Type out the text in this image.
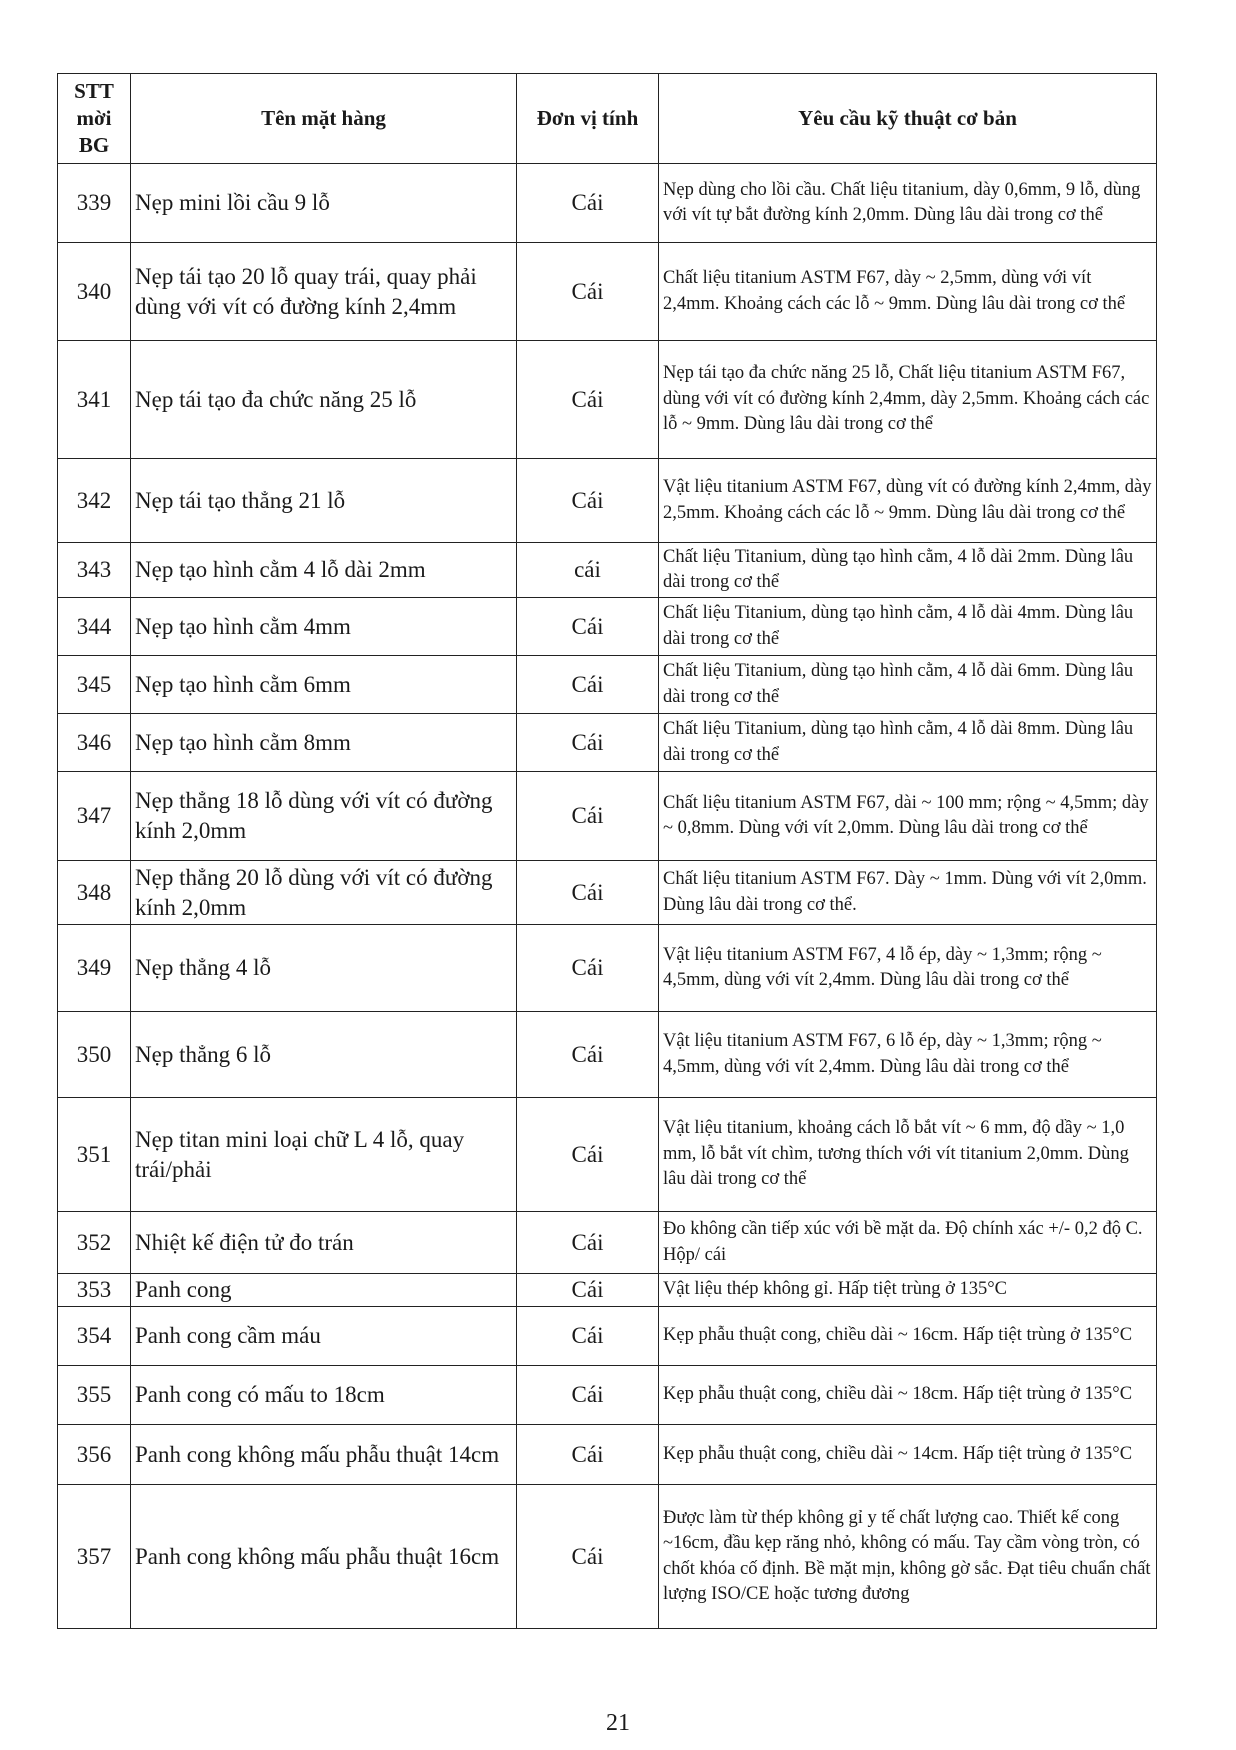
STT mời BG	Tên mặt hàng	Đơn vị tính	Yêu cầu kỹ thuật cơ bản
339	Nẹp mini lồi cầu 9 lỗ	Cái	Nẹp dùng cho lồi cầu. Chất liệu titanium, dày 0,6mm, 9 lỗ, dùng với vít tự bắt đường kính 2,0mm. Dùng lâu dài trong cơ thể
340	Nẹp tái tạo 20 lỗ quay trái, quay phải dùng với vít có đường kính 2,4mm	Cái	Chất liệu titanium ASTM F67, dày ~ 2,5mm, dùng với vít 2,4mm. Khoảng cách các lỗ ~ 9mm. Dùng lâu dài trong cơ thể
341	Nẹp tái tạo đa chức năng 25 lỗ	Cái	Nẹp tái tạo đa chức năng 25 lỗ, Chất liệu titanium ASTM F67, dùng với vít có đường kính 2,4mm, dày 2,5mm. Khoảng cách các lỗ ~ 9mm. Dùng lâu dài trong cơ thể
342	Nẹp tái tạo thẳng 21 lỗ	Cái	Vật liệu titanium ASTM F67, dùng vít có đường kính 2,4mm, dày 2,5mm. Khoảng cách các lỗ ~ 9mm. Dùng lâu dài trong cơ thể
343	Nẹp tạo hình cằm 4 lỗ dài 2mm	cái	Chất liệu Titanium, dùng tạo hình cằm, 4 lỗ dài 2mm. Dùng lâu dài trong cơ thể
344	Nẹp tạo hình cằm 4mm	Cái	Chất liệu Titanium, dùng tạo hình cằm, 4 lỗ dài 4mm. Dùng lâu dài trong cơ thể
345	Nẹp tạo hình cằm 6mm	Cái	Chất liệu Titanium, dùng tạo hình cằm, 4 lỗ dài 6mm. Dùng lâu dài trong cơ thể
346	Nẹp tạo hình cằm 8mm	Cái	Chất liệu Titanium, dùng tạo hình cằm, 4 lỗ dài 8mm. Dùng lâu dài trong cơ thể
347	Nẹp thẳng 18 lỗ dùng với vít có đường kính 2,0mm	Cái	Chất liệu titanium ASTM F67, dài ~ 100 mm; rộng ~ 4,5mm; dày ~ 0,8mm. Dùng với vít 2,0mm. Dùng lâu dài trong cơ thể
348	Nẹp thẳng 20 lỗ dùng với vít có đường kính 2,0mm	Cái	Chất liệu titanium ASTM F67. Dày ~ 1mm. Dùng với vít 2,0mm. Dùng lâu dài trong cơ thể.
349	Nẹp thẳng 4 lỗ	Cái	Vật liệu titanium ASTM F67, 4 lỗ ép, dày ~ 1,3mm; rộng ~ 4,5mm, dùng với vít 2,4mm. Dùng lâu dài trong cơ thể
350	Nẹp thẳng 6 lỗ	Cái	Vật liệu titanium ASTM F67, 6 lỗ ép, dày ~ 1,3mm; rộng ~ 4,5mm, dùng với vít 2,4mm. Dùng lâu dài trong cơ thể
351	Nẹp titan mini loại chữ L 4 lỗ, quay trái/phải	Cái	Vật liệu titanium, khoảng cách lỗ bắt vít ~ 6 mm, độ dầy ~ 1,0 mm, lỗ bắt vít chìm, tương thích với vít titanium 2,0mm. Dùng lâu dài trong cơ thể
352	Nhiệt kế điện tử đo trán	Cái	Đo không cần tiếp xúc với bề mặt da. Độ chính xác +/- 0,2 độ C. Hộp/ cái
353	Panh cong	Cái	Vật liệu thép không gỉ. Hấp tiệt trùng ở 135°C
354	Panh cong cầm máu	Cái	Kẹp phẫu thuật cong, chiều dài ~ 16cm. Hấp tiệt trùng ở 135°C
355	Panh cong có mấu to 18cm	Cái	Kẹp phẫu thuật cong, chiều dài ~ 18cm. Hấp tiệt trùng ở 135°C
356	Panh cong không mấu phẫu thuật 14cm	Cái	Kẹp phẫu thuật cong, chiều dài ~ 14cm. Hấp tiệt trùng ở 135°C
357	Panh cong không mấu phẫu thuật 16cm	Cái	Được làm từ thép không gỉ y tế chất lượng cao. Thiết kế cong ~16cm, đầu kẹp răng nhỏ, không có mấu. Tay cầm vòng tròn, có chốt khóa cố định. Bề mặt mịn, không gờ sắc. Đạt tiêu chuẩn chất lượng ISO/CE hoặc tương đương
21
